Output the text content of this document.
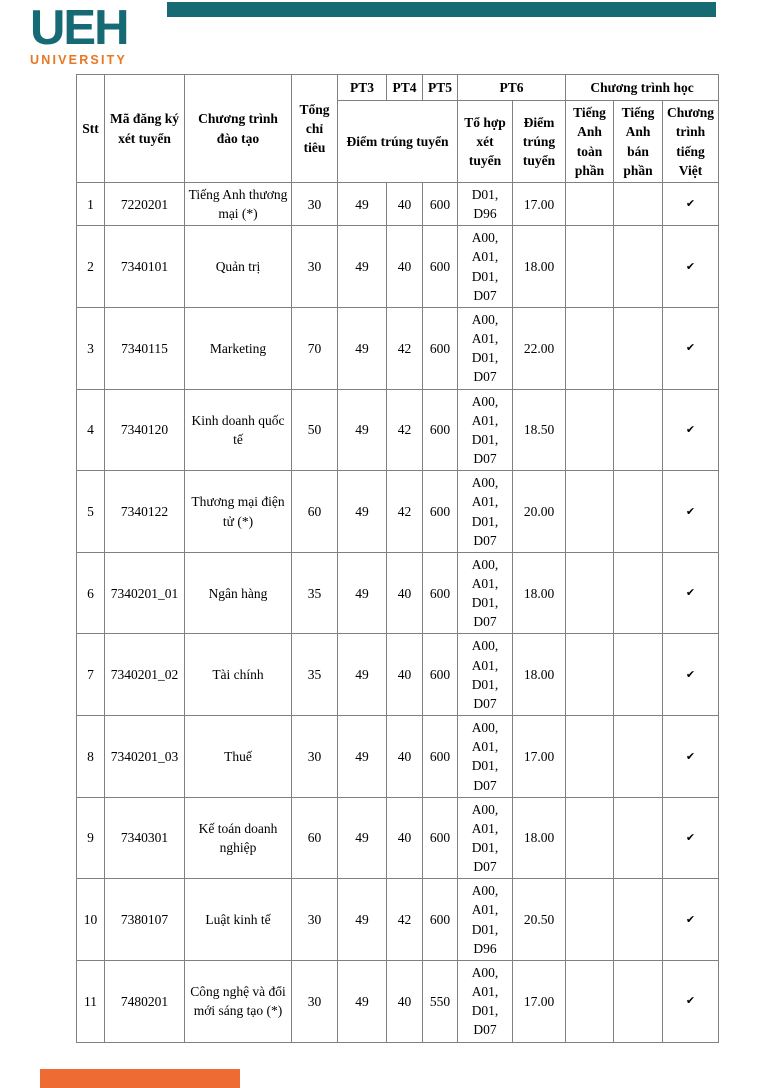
UEH
UNIVERSITY
Stt	Mã đăng ký xét tuyển	Chương trình đào tạo	Tổng chỉ tiêu	PT3	PT4	PT5	PT6		Chương trình học		
				Điểm trúng tuyển			Tổ hợp xét tuyển	Điểm trúng tuyển	Tiếng Anh toàn phần	Tiếng Anh bán phần	Chương trình tiếng Việt
1	7220201	Tiếng Anh thương mại (*)	30	49	40	600	D01, D96	17.00			✔
2	7340101	Quản trị	30	49	40	600	A00, A01, D01, D07	18.00			✔
3	7340115	Marketing	70	49	42	600	A00, A01, D01, D07	22.00			✔
4	7340120	Kinh doanh quốc tế	50	49	42	600	A00, A01, D01, D07	18.50			✔
5	7340122	Thương mại điện tử (*)	60	49	42	600	A00, A01, D01, D07	20.00			✔
6	7340201_01	Ngân hàng	35	49	40	600	A00, A01, D01, D07	18.00			✔
7	7340201_02	Tài chính	35	49	40	600	A00, A01, D01, D07	18.00			✔
8	7340201_03	Thuế	30	49	40	600	A00, A01, D01, D07	17.00			✔
9	7340301	Kế toán doanh nghiệp	60	49	40	600	A00, A01, D01, D07	18.00			✔
10	7380107	Luật kinh tế	30	49	42	600	A00, A01, D01, D96	20.50			✔
11	7480201	Công nghệ và đổi mới sáng tạo (*)	30	49	40	550	A00, A01, D01, D07	17.00			✔
